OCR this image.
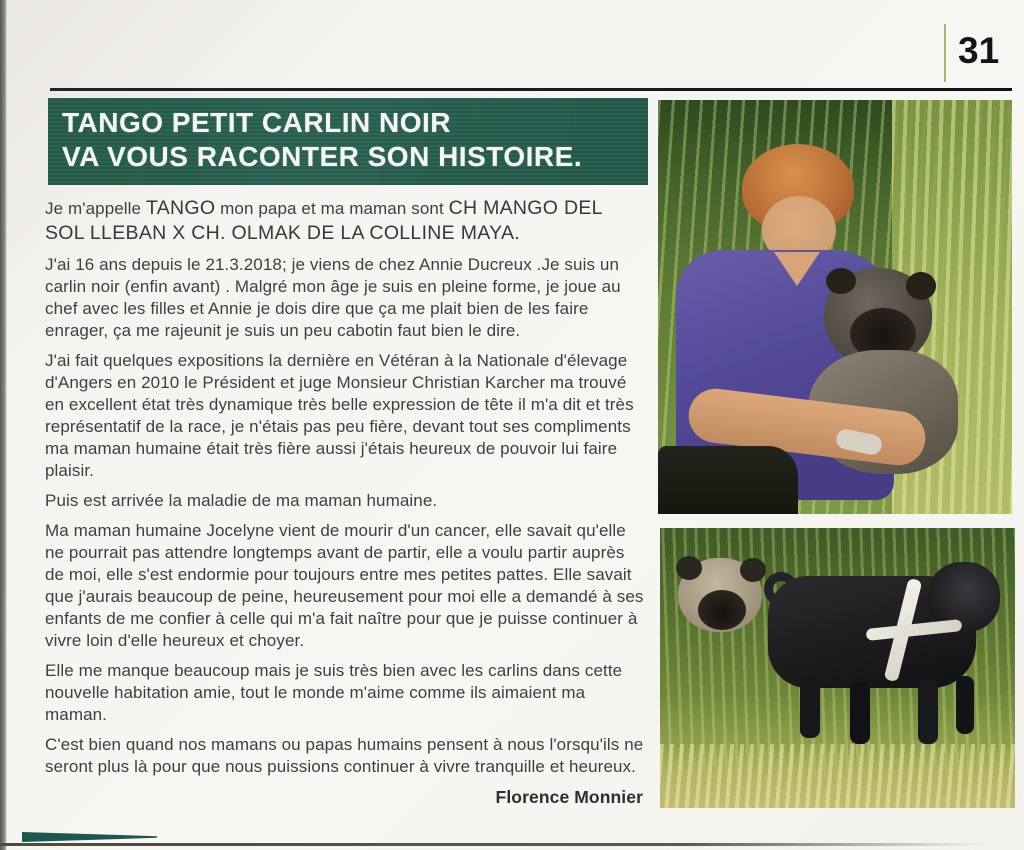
31
TANGO PETIT CARLIN NOIR
VA VOUS RACONTER SON HISTOIRE.

Je m'appelle TANGO mon papa et ma maman sont CH MANGO DEL SOL LLEBAN X CH. OLMAK DE LA COLLINE MAYA.

J'ai 16 ans depuis le 21.3.2018; je viens de chez Annie Ducreux .Je suis un carlin noir (enfin avant) . Malgré mon âge je suis en pleine forme, je joue au chef avec les filles et Annie je dois dire que ça me plait bien de les faire enrager, ça me rajeunit je suis un peu cabotin faut bien le dire.

J'ai fait quelques expositions la dernière en Vétéran à la Nationale d'élevage d'Angers en 2010 le Président et juge Monsieur Christian Karcher ma trouvé en excellent état très dynamique très belle expression de tête il m'a dit et très représentatif de la race, je n'étais pas peu fière, devant tout ses compliments ma maman humaine était très fière aussi j'étais heureux de pouvoir lui faire plaisir.

Puis est arrivée la maladie de ma maman humaine.

Ma maman humaine Jocelyne vient de mourir d'un cancer, elle savait qu'elle ne pourrait pas attendre longtemps avant de partir, elle a voulu partir auprès de moi, elle s'est endormie pour toujours entre mes petites pattes. Elle savait que j'aurais beaucoup de peine, heureusement pour moi elle a demandé à ses enfants de me confier à celle qui m'a fait naître pour que je puisse continuer à vivre loin d'elle heureux et choyer.

Elle me manque beaucoup mais je suis très bien avec les carlins dans cette nouvelle habitation amie, tout le monde m'aime comme ils aimaient ma maman.

C'est bien quand nos mamans ou papas humains pensent à nous l'orsqu'ils ne seront plus là pour que nous puissions continuer à vivre tranquille et heureux.

Florence Monnier
